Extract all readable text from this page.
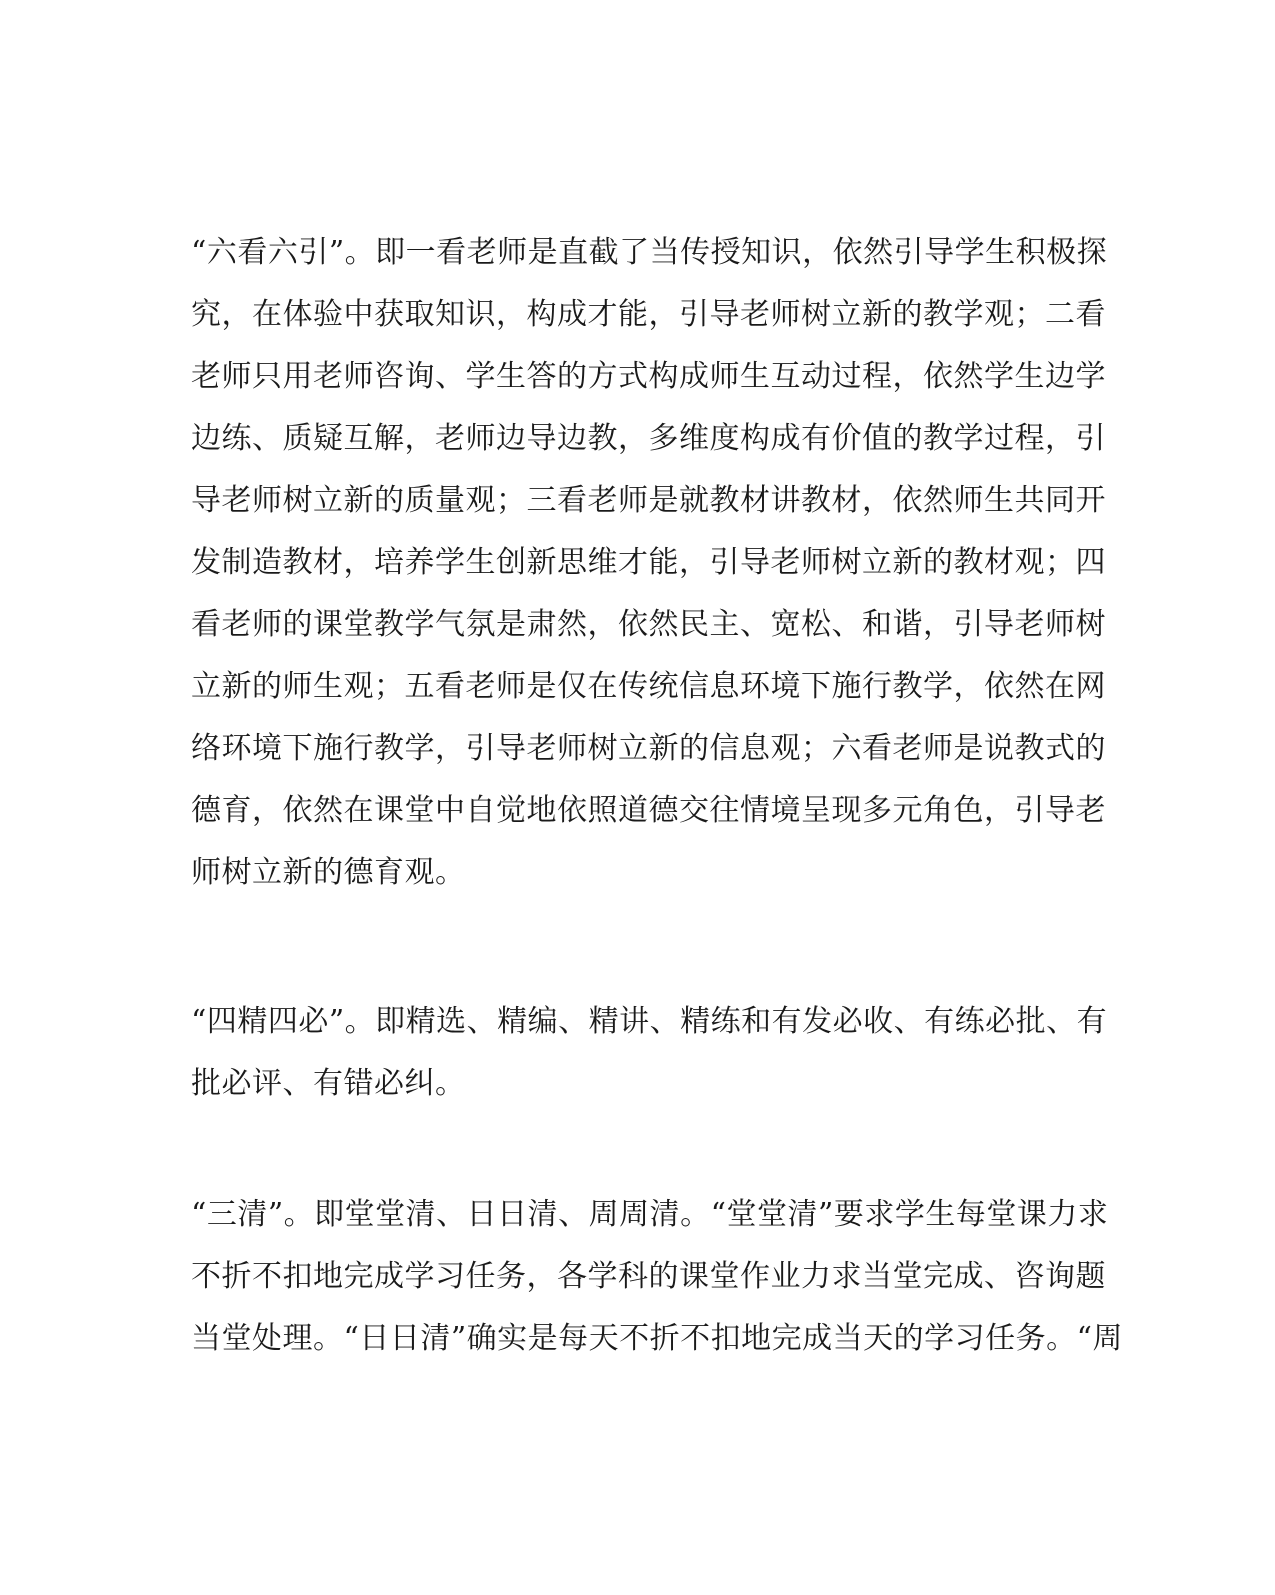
“六看六引”。即一看老师是直截了当传授知识，依然引导学生积极探
究，在体验中获取知识，构成才能，引导老师树立新的教学观；二看
老师只用老师咨询、学生答的方式构成师生互动过程，依然学生边学
边练、质疑互解，老师边导边教，多维度构成有价值的教学过程，引
导老师树立新的质量观；三看老师是就教材讲教材，依然师生共同开
发制造教材，培养学生创新思维才能，引导老师树立新的教材观；四
看老师的课堂教学气氛是肃然，依然民主、宽松、和谐，引导老师树
立新的师生观；五看老师是仅在传统信息环境下施行教学，依然在网
络环境下施行教学，引导老师树立新的信息观；六看老师是说教式的
德育，依然在课堂中自觉地依照道德交往情境呈现多元角色，引导老
师树立新的德育观。
“四精四必”。即精选、精编、精讲、精练和有发必收、有练必批、有
批必评、有错必纠。
“三清”。即堂堂清、日日清、周周清。“堂堂清”要求学生每堂课力求
不折不扣地完成学习任务，各学科的课堂作业力求当堂完成、咨询题
当堂处理。“日日清”确实是每天不折不扣地完成当天的学习任务。“周
